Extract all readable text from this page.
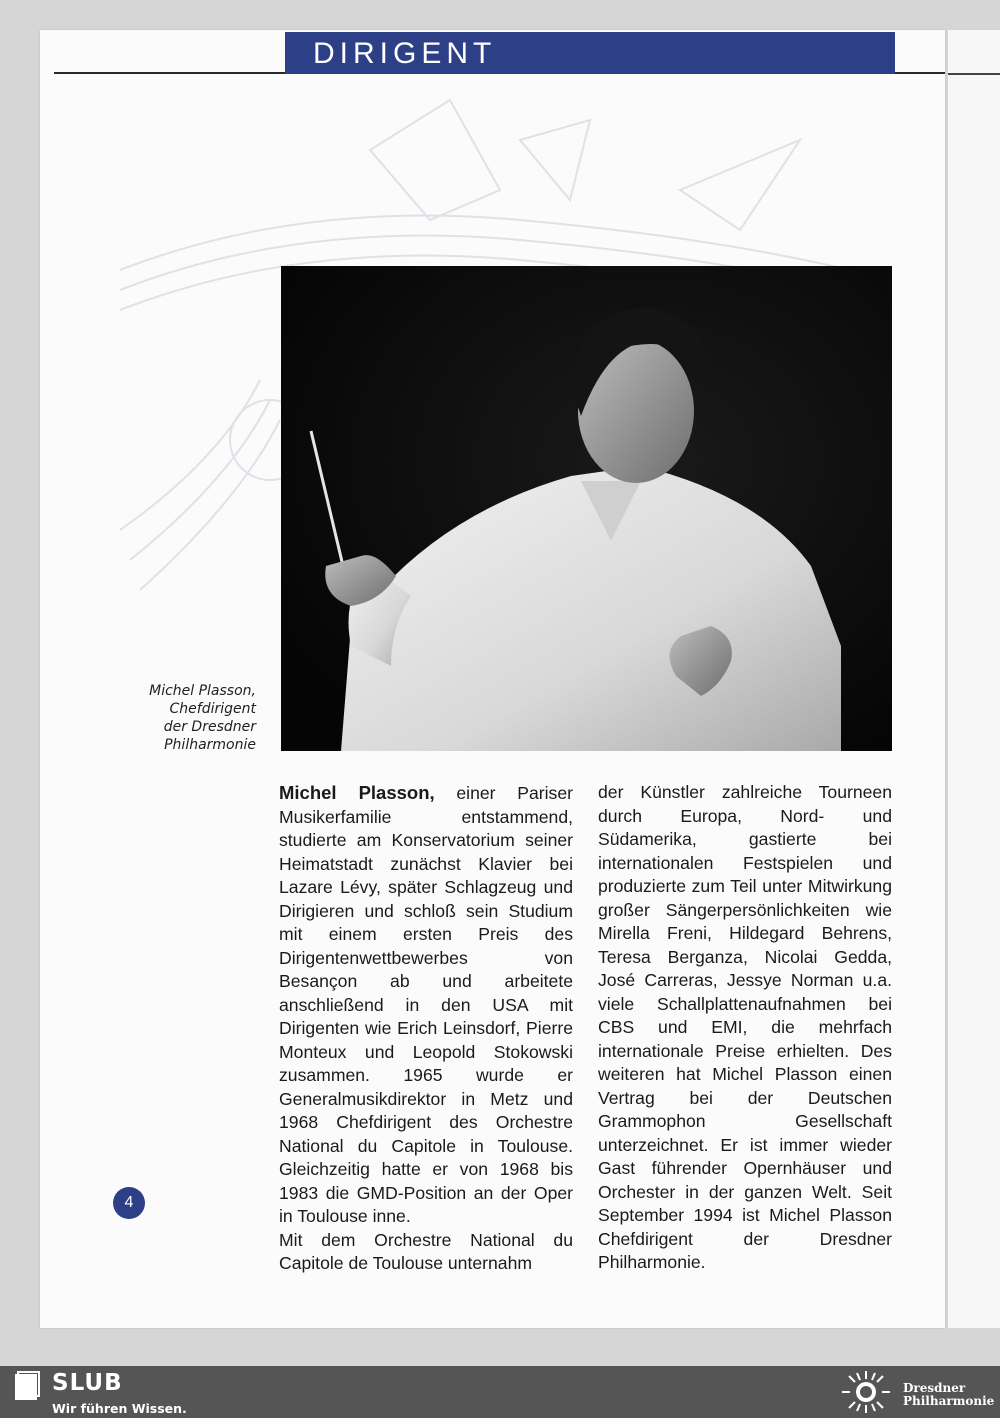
DIRIGENT
Michel Plasson,
Chefdirigent
der Dresdner
Philharmonie

Michel Plasson, einer Pariser Musikerfamilie entstammend, studierte am Konservatorium seiner Heimatstadt zunächst Klavier bei Lazare Lévy, später Schlagzeug und Dirigieren und schloß sein Studium mit einem ersten Preis des Dirigentenwettbewerbes von Besançon ab und arbeitete anschließend in den USA mit Dirigenten wie Erich Leinsdorf, Pierre Monteux und Leopold Stokowski zusammen. 1965 wurde er Generalmusikdirektor in Metz und 1968 Chefdirigent des Orchestre National du Capitole in Toulouse. Gleichzeitig hatte er von 1968 bis 1983 die GMD-Position an der Oper in Toulouse inne.

Mit dem Orchestre National du Capitole de Toulouse unternahm

der Künstler zahlreiche Tourneen durch Europa, Nord- und Südamerika, gastierte bei internationalen Festspielen und produzierte zum Teil unter Mitwirkung großer Sängerpersönlichkeiten wie Mirella Freni, Hildegard Behrens, Teresa Berganza, Nicolai Gedda, José Carreras, Jessye Norman u.a. viele Schallplattenaufnahmen bei CBS und EMI, die mehrfach internationale Preise erhielten. Des weiteren hat Michel Plasson einen Vertrag bei der Deutschen Grammophon Gesellschaft unterzeichnet. Er ist immer wieder Gast führender Opernhäuser und Orchester in der ganzen Welt. Seit September 1994 ist Michel Plasson Chefdirigent der Dresdner Philharmonie.

4
SLUB
Wir führen Wissen.
Dresdner
Philharmonie
